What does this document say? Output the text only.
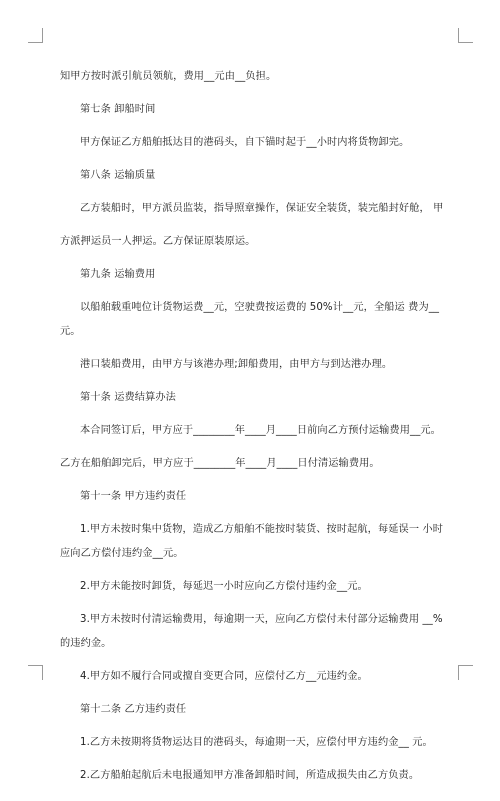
知甲方按时派引航员领航，费用__元由__负担。
第七条 卸船时间
甲方保证乙方船舶抵达目的港码头，自下锚时起于__小时内将货物卸完。
第八条 运输质量
乙方装船时，甲方派员监装，指导照章操作，保证安全装货，装完船封好舱， 甲
方派押运员一人押运。乙方保证原装原运。
第九条 运输费用
以船舶载重吨位计货物运费__元，空驶费按运费的 50%计__元，全船运 费为__
元。
港口装船费用，由甲方与该港办理;卸船费用，由甲方与到达港办理。
第十条 运费结算办法
本合同签订后，甲方应于________年____月____日前向乙方预付运输费用__元。
乙方在船舶卸完后，甲方应于________年____月____日付清运输费用。
第十一条 甲方违约责任
1.甲方未按时集中货物，造成乙方船舶不能按时装货、按时起航，每延误一 小时
应向乙方偿付违约金__元。
2.甲方未能按时卸货，每延迟一小时应向乙方偿付违约金__元。
3.甲方未按时付清运输费用，每逾期一天，应向乙方偿付未付部分运输费用 __%
的违约金。
4.甲方如不履行合同或擅自变更合同，应偿付乙方__元违约金。
第十二条 乙方违约责任
1.乙方未按期将货物运达目的港码头，每逾期一天，应偿付甲方违约金__ 元。
2.乙方船舶起航后未电报通知甲方准备卸船时间，所造成损失由乙方负责。
